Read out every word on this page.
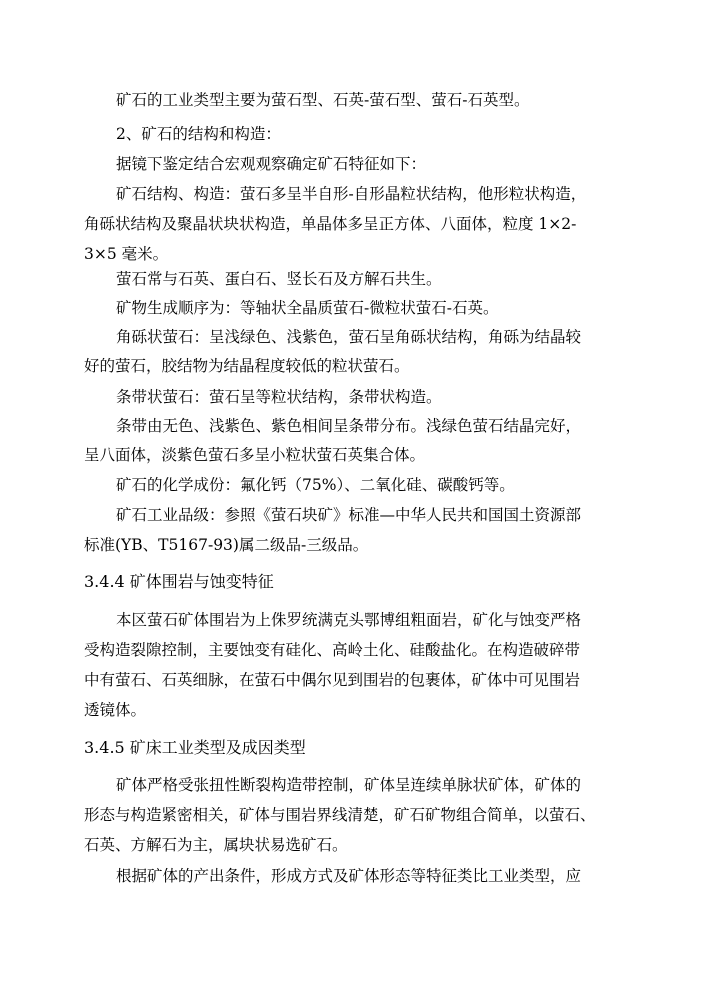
矿石的工业类型主要为萤石型、石英-萤石型、萤石-石英型。
2、矿石的结构和构造：
据镜下鉴定结合宏观观察确定矿石特征如下：
矿石结构、构造：萤石多呈半自形-自形晶粒状结构，他形粒状构造，
角砾状结构及聚晶状块状构造，单晶体多呈正方体、八面体，粒度 1×2-
3×5 毫米。
萤石常与石英、蛋白石、竖长石及方解石共生。
矿物生成顺序为：等轴状全晶质萤石-微粒状萤石-石英。
角砾状萤石：呈浅绿色、浅紫色，萤石呈角砾状结构，角砾为结晶较
好的萤石，胶结物为结晶程度较低的粒状萤石。
条带状萤石：萤石呈等粒状结构，条带状构造。
条带由无色、浅紫色、紫色相间呈条带分布。浅绿色萤石结晶完好，
呈八面体，淡紫色萤石多呈小粒状萤石英集合体。
矿石的化学成份：氟化钙（75%）、二氧化硅、碳酸钙等。
矿石工业品级：参照《萤石块矿》标准—中华人民共和国国土资源部
标准(YB、T5167-93)属二级品-三级品。
3.4.4 矿体围岩与蚀变特征
本区萤石矿体围岩为上侏罗统满克头鄂博组粗面岩，矿化与蚀变严格
受构造裂隙控制，主要蚀变有硅化、高岭土化、硅酸盐化。在构造破碎带
中有萤石、石英细脉，在萤石中偶尔见到围岩的包裹体，矿体中可见围岩
透镜体。
3.4.5 矿床工业类型及成因类型
矿体严格受张扭性断裂构造带控制，矿体呈连续单脉状矿体，矿体的
形态与构造紧密相关，矿体与围岩界线清楚，矿石矿物组合简单，以萤石、
石英、方解石为主，属块状易选矿石。
根据矿体的产出条件，形成方式及矿体形态等特征类比工业类型，应
